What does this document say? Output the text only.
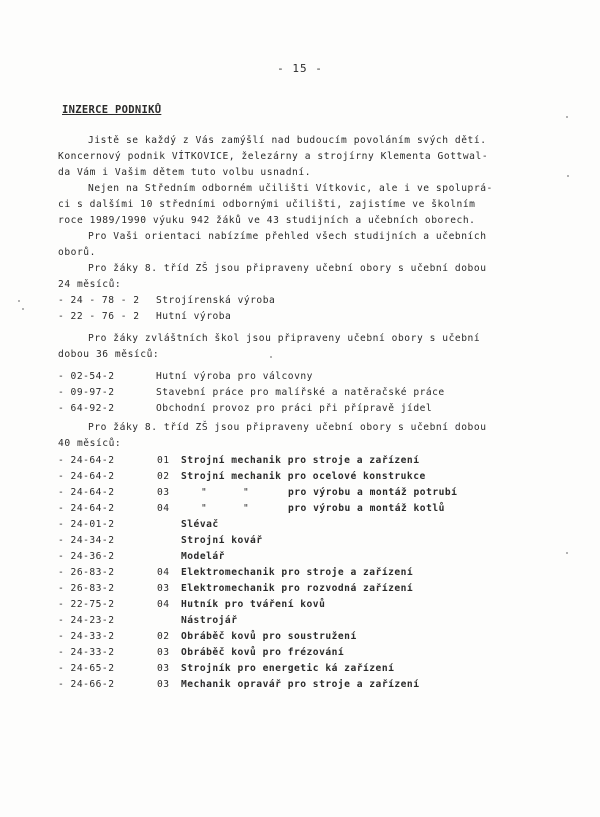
- 15 -
INZERCE PODNIKŮ
Jistě se každý z Vás zamýšlí nad budoucím povoláním svých dětí.
Koncernový podnik VÍTKOVICE, železárny a strojírny Klementa Gottwal-
da Vám i Vašim dětem tuto volbu usnadní.
Nejen na Středním odborném učilišti Vítkovic, ale i ve spoluprá-
ci s dalšími 10 středními odbornými učilišti, zajistíme ve školním
roce 1989/1990 výuku 942 žáků ve 43 studijních a učebních oborech.
Pro Vaši orientaci nabízíme přehled všech studijních a učebních
oborů.
Pro žáky 8. tříd ZŠ jsou připraveny učební obory s učební dobou
24 měsíců:
- 24 - 78 - 2 Strojírenská výroba
- 22 - 76 - 2 Hutní výroba
Pro žáky zvláštních škol jsou připraveny učební obory s učební
dobou 36 měsíců:
- 02-54-2	Hutní výroba pro válcovny
- 09-97-2	Stavební práce pro malířské a natěračské práce
- 64-92-2	Obchodní provoz pro práci při přípravě jídel
Pro žáky 8. tříd ZŠ jsou připraveny učební obory s učební dobou
40 měsíců:
- 24-64-2	01 Strojní mechanik pro stroje a zařízení
- 24-64-2	02 Strojní mechanik pro ocelové konstrukce
- 24-64-2	03	"	"	pro výrobu a montáž potrubí
- 24-64-2	04	"	"	pro výrobu a montáž kotlů
- 24-01-2	Slévač
- 24-34-2	Strojní kovář
- 24-36-2	Modelář
- 26-83-2	04 Elektromechanik pro stroje a zařízení
- 26-83-2	03 Elektromechanik pro rozvodná zařízení
- 22-75-2	04 Hutník pro tváření kovů
- 24-23-2	Nástrojář
- 24-33-2	02 Obráběč kovů pro soustružení
- 24-33-2	03 Obráběč kovů pro frézování
- 24-65-2	03 Strojník pro energetic ká zařízení
- 24-66-2	03 Mechanik opravář pro stroje a zařízení
